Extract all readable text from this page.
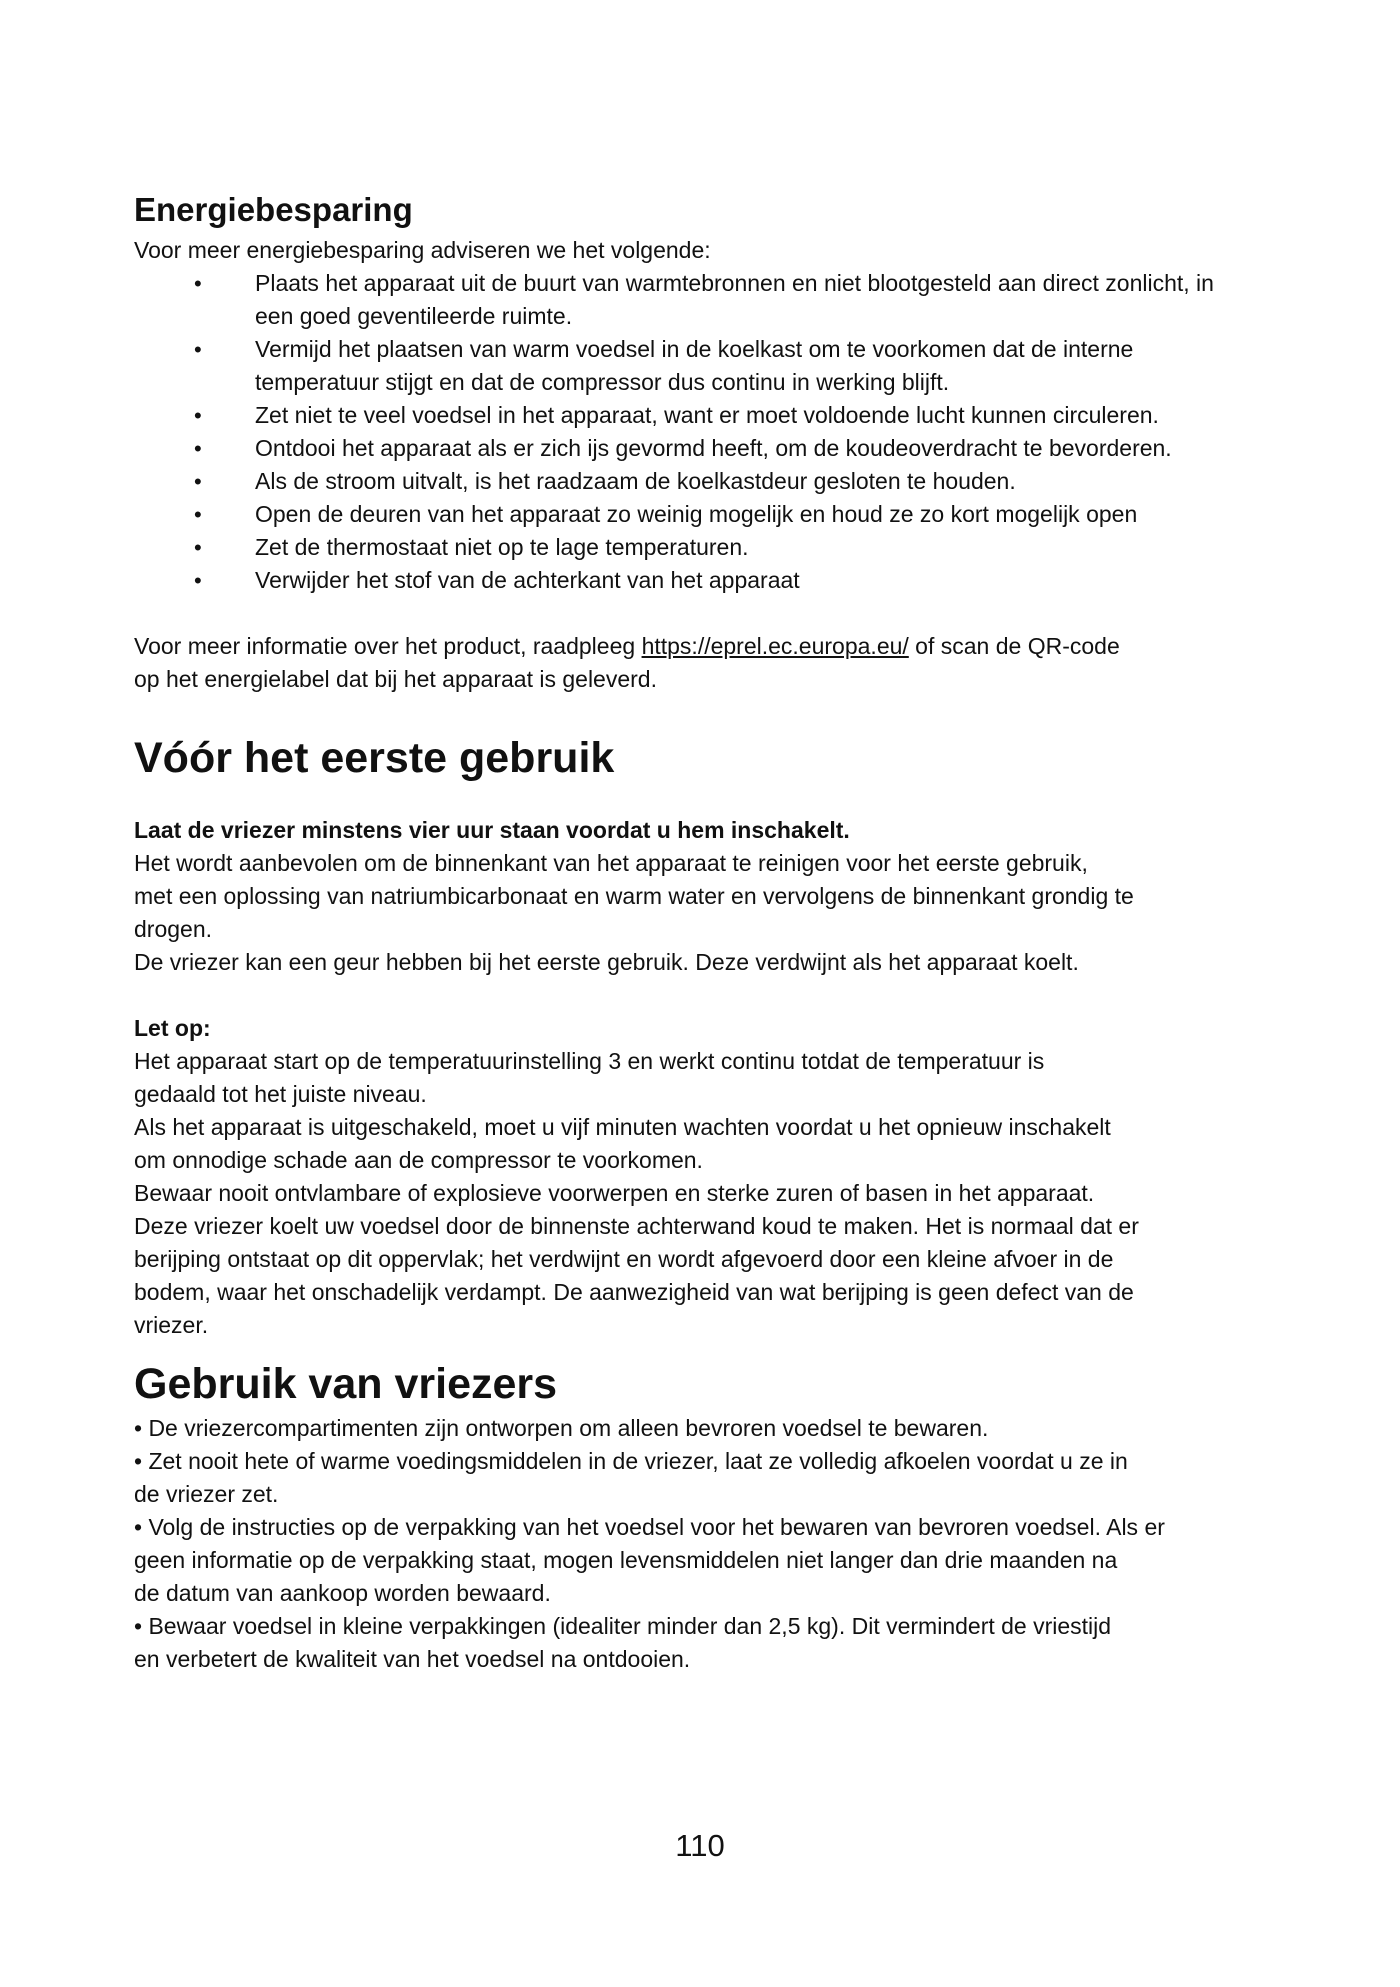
Energiebesparing

Voor meer energiebesparing adviseren we het volgende:

• Plaats het apparaat uit de buurt van warmtebronnen en niet blootgesteld aan direct zonlicht, in een goed geventileerde ruimte.
• Vermijd het plaatsen van warm voedsel in de koelkast om te voorkomen dat de interne temperatuur stijgt en dat de compressor dus continu in werking blijft.
• Zet niet te veel voedsel in het apparaat, want er moet voldoende lucht kunnen circuleren.
• Ontdooi het apparaat als er zich ijs gevormd heeft, om de koudeoverdracht te bevorderen.
• Als de stroom uitvalt, is het raadzaam de koelkastdeur gesloten te houden.
• Open de deuren van het apparaat zo weinig mogelijk en houd ze zo kort mogelijk open
• Zet de thermostaat niet op te lage temperaturen.
• Verwijder het stof van de achterkant van het apparaat

Voor meer informatie over het product, raadpleeg https://eprel.ec.europa.eu/ of scan de QR-code

op het energielabel dat bij het apparaat is geleverd.

Vóór het eerste gebruik

Laat de vriezer minstens vier uur staan voordat u hem inschakelt.

Het wordt aanbevolen om de binnenkant van het apparaat te reinigen voor het eerste gebruik,

met een oplossing van natriumbicarbonaat en warm water en vervolgens de binnenkant grondig te

drogen.

De vriezer kan een geur hebben bij het eerste gebruik. Deze verdwijnt als het apparaat koelt.

Let op:

Het apparaat start op de temperatuurinstelling 3 en werkt continu totdat de temperatuur is

gedaald tot het juiste niveau.

Als het apparaat is uitgeschakeld, moet u vijf minuten wachten voordat u het opnieuw inschakelt

om onnodige schade aan de compressor te voorkomen.

Bewaar nooit ontvlambare of explosieve voorwerpen en sterke zuren of basen in het apparaat.

Deze vriezer koelt uw voedsel door de binnenste achterwand koud te maken. Het is normaal dat er

berijping ontstaat op dit oppervlak; het verdwijnt en wordt afgevoerd door een kleine afvoer in de

bodem, waar het onschadelijk verdampt. De aanwezigheid van wat berijping is geen defect van de

vriezer.

Gebruik van vriezers

• De vriezercompartimenten zijn ontworpen om alleen bevroren voedsel te bewaren.

• Zet nooit hete of warme voedingsmiddelen in de vriezer, laat ze volledig afkoelen voordat u ze in

de vriezer zet.

• Volg de instructies op de verpakking van het voedsel voor het bewaren van bevroren voedsel. Als er

geen informatie op de verpakking staat, mogen levensmiddelen niet langer dan drie maanden na

de datum van aankoop worden bewaard.

• Bewaar voedsel in kleine verpakkingen (idealiter minder dan 2,5 kg). Dit vermindert de vriestijd

en verbetert de kwaliteit van het voedsel na ontdooien.

110
